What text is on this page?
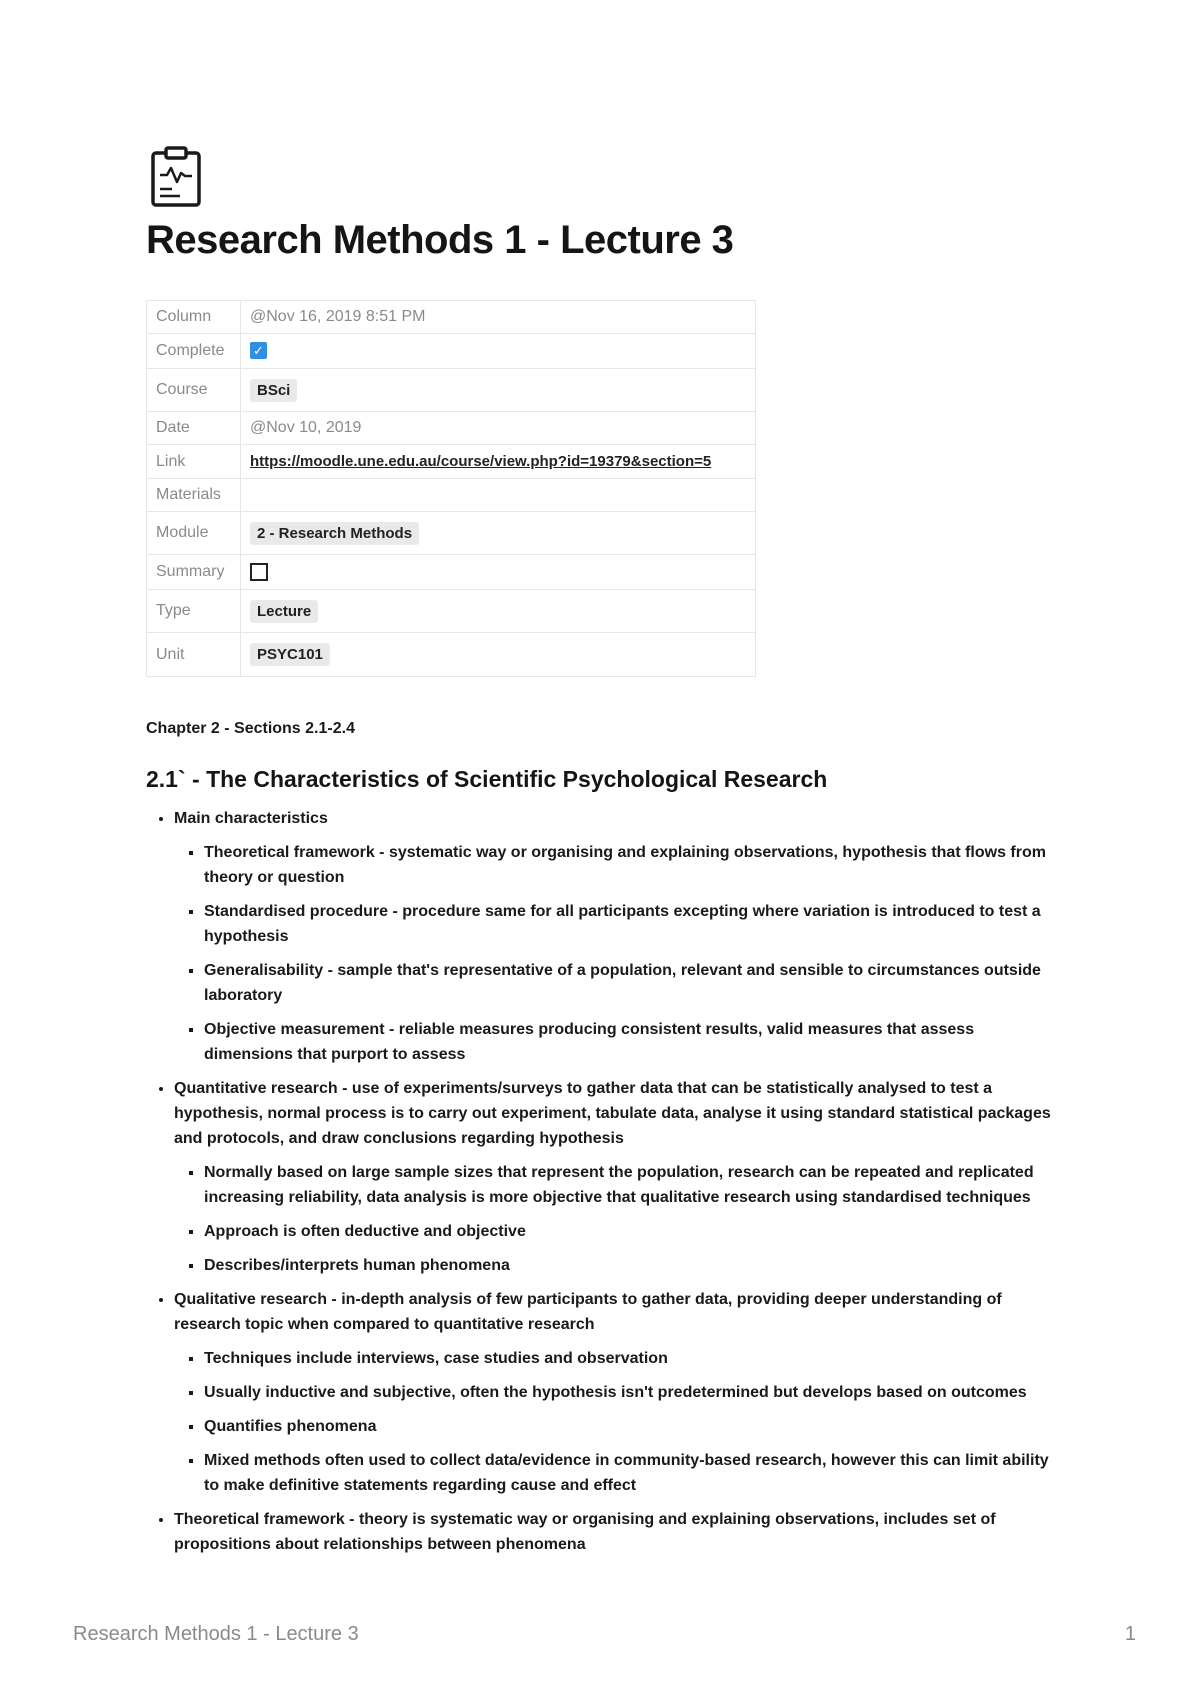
Research Methods 1 - Lecture 3
Column	@Nov 16, 2019 8:51 PM
Complete	✓
Course	BSci
Date	@Nov 10, 2019
Link	https://moodle.une.edu.au/course/view.php?id=19379&section=5
Materials	
Module	2 - Research Methods
Summary	
Type	Lecture
Unit	PSYC101

Chapter 2 - Sections 2.1-2.4

2.1` - The Characteristics of Scientific Psychological Research
• Main characteristics
▪ Theoretical framework - systematic way or organising and explaining observations, hypothesis that flows from theory or question
▪ Standardised procedure - procedure same for all participants excepting where variation is introduced to test a hypothesis
▪ Generalisability - sample that's representative of a population, relevant and sensible to circumstances outside laboratory
▪ Objective measurement - reliable measures producing consistent results, valid measures that assess dimensions that purport to assess
• Quantitative research - use of experiments/surveys to gather data that can be statistically analysed to test a hypothesis, normal process is to carry out experiment, tabulate data, analyse it using standard statistical packages and protocols, and draw conclusions regarding hypothesis
▪ Normally based on large sample sizes that represent the population, research can be repeated and replicated increasing reliability, data analysis is more objective that qualitative research using standardised techniques
▪ Approach is often deductive and objective
▪ Describes/interprets human phenomena
• Qualitative research - in-depth analysis of few participants to gather data, providing deeper understanding of research topic when compared to quantitative research
▪ Techniques include interviews, case studies and observation
▪ Usually inductive and subjective, often the hypothesis isn't predetermined but develops based on outcomes
▪ Quantifies phenomena
▪ Mixed methods often used to collect data/evidence in community-based research, however this can limit ability to make definitive statements regarding cause and effect
• Theoretical framework - theory is systematic way or organising and explaining observations, includes set of propositions about relationships between phenomena

Research Methods 1 - Lecture 3	1
